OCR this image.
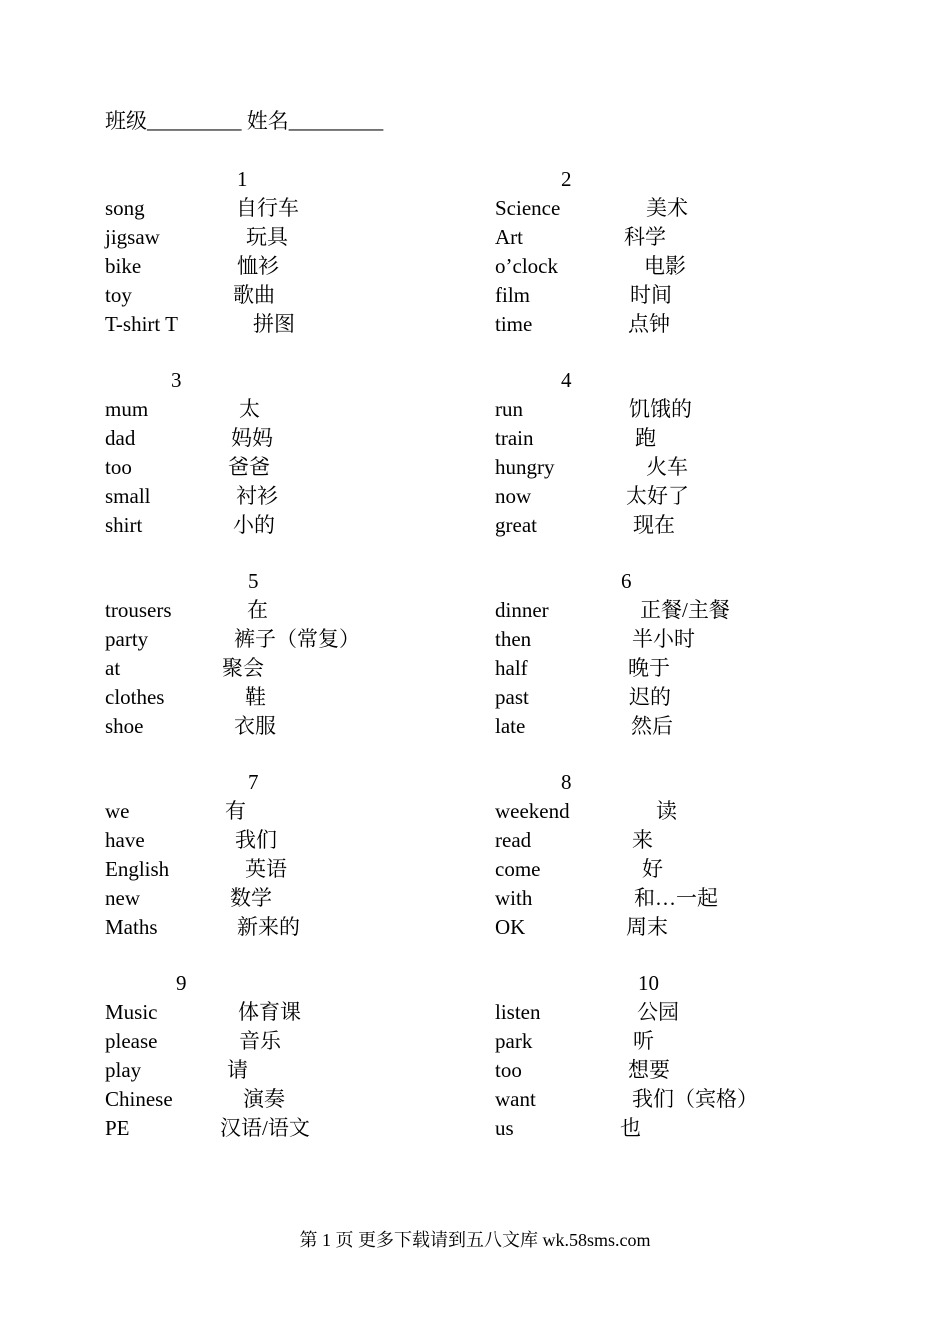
班级_________ 姓名_________
1
song	自行车
jigsaw	玩具
bike	恤衫
toy	歌曲
T-shirt T	拼图
2
Science	美术
Art	科学
o’clock	电影
film	时间
time	点钟
3
mum	太
dad	妈妈
too	爸爸
small	衬衫
shirt	小的
4
run	饥饿的
train	跑
hungry	火车
now	太好了
great	现在
5
trousers	在
party	裤子（常复）
at	聚会
clothes	鞋
shoe	衣服
6
dinner	正餐/主餐
then	半小时
half	晚于
past	迟的
late	然后
7
we	有
have	我们
English	英语
new	数学
Maths	新来的
8
weekend	读
read	来
come	好
with	和…一起
OK	周末
9
Music	体育课
please	音乐
play	请
Chinese	演奏
PE	汉语/语文
10
listen	公园
park	听
too	想要
want	我们（宾格）
us	也
第 1 页 更多下载请到五八文库 wk.58sms.com
